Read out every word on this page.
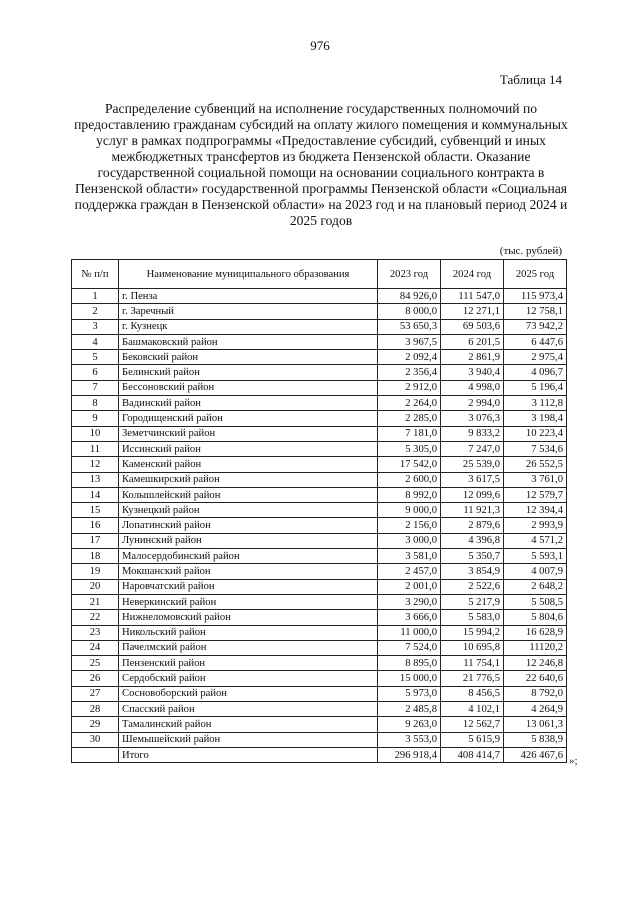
976
Таблица 14
Распределение субвенций на исполнение государственных полномочий по предоставлению гражданам субсидий на оплату жилого помещения и коммунальных услуг в рамках подпрограммы «Предоставление субсидий, субвенций и иных межбюджетных трансфертов из бюджета Пензенской области. Оказание государственной социальной помощи на основании социального контракта в Пензенской области» государственной программы Пензенской области «Социальная поддержка граждан в Пензенской области» на 2023 год и на плановый период 2024 и 2025 годов
(тыс. рублей)
№ п/п	Наименование муниципального образования	2023 год	2024 год	2025 год
1	г. Пенза	84 926,0	111 547,0	115 973,4
2	г. Заречный	8 000,0	12 271,1	12 758,1
3	г. Кузнецк	53 650,3	69 503,6	73 942,2
4	Башмаковский район	3 967,5	6 201,5	6 447,6
5	Бековский район	2 092,4	2 861,9	2 975,4
6	Белинский район	2 356,4	3 940,4	4 096,7
7	Бессоновский район	2 912,0	4 998,0	5 196,4
8	Вадинский район	2 264,0	2 994,0	3 112,8
9	Городищенский район	2 285,0	3 076,3	3 198,4
10	Земетчинский район	7 181,0	9 833,2	10 223,4
11	Иссинский район	5 305,0	7 247,0	7 534,6
12	Каменский район	17 542,0	25 539,0	26 552,5
13	Камешкирский район	2 600,0	3 617,5	3 761,0
14	Колышлейский район	8 992,0	12 099,6	12 579,7
15	Кузнецкий район	9 000,0	11 921,3	12 394,4
16	Лопатинский район	2 156,0	2 879,6	2 993,9
17	Лунинский район	3 000,0	4 396,8	4 571,2
18	Малосердобинский район	3 581,0	5 350,7	5 593,1
19	Мокшанский район	2 457,0	3 854,9	4 007,9
20	Наровчатский район	2 001,0	2 522,6	2 648,2
21	Неверкинский район	3 290,0	5 217,9	5 508,5
22	Нижнеломовский район	3 666,0	5 583,0	5 804,6
23	Никольский район	11 000,0	15 994,2	16 628,9
24	Пачелмский район	7 524,0	10 695,8	11120,2
25	Пензенский район	8 895,0	11 754,1	12 246,8
26	Сердобский район	15 000,0	21 776,5	22 640,6
27	Сосновоборский район	5 973,0	8 456,5	8 792,0
28	Спасский район	2 485,8	4 102,1	4 264,9
29	Тамалинский район	9 263,0	12 562,7	13 061,3
30	Шемышейский район	3 553,0	5 615,9	5 838,9
	Итого	296 918,4	408 414,7	426 467,6 »;
